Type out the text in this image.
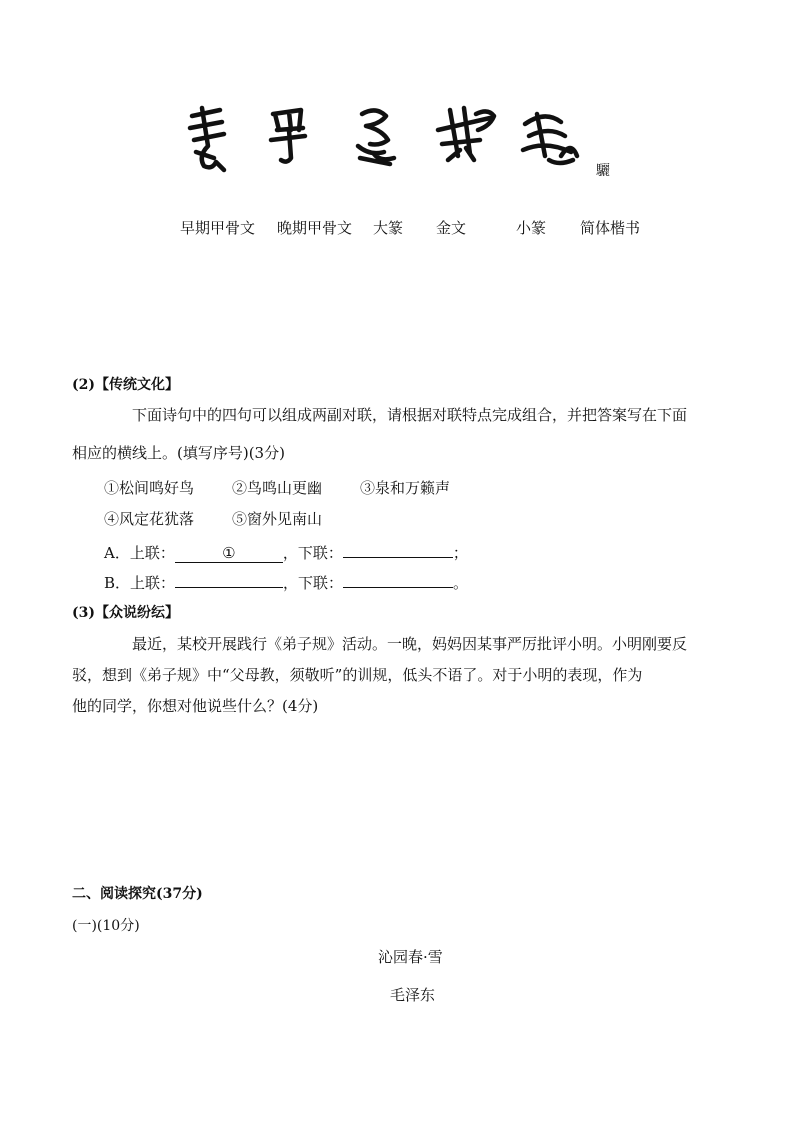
驪
早期甲骨文 晚期甲骨文 大篆 金文	小篆 简体楷书
(2)【传统文化】
下面诗句中的四句可以组成两副对联，请根据对联特点完成组合，并把答案写在下面
相应的横线上。(填写序号)(3分)
①松间鸣好鸟	②鸟鸣山更幽	③泉和万籁声
④风定花犹落	⑤窗外见南山
A．上联：	①	，下联：	；
B．上联：	，下联：	。
(3)【众说纷纭】
最近，某校开展践行《弟子规》活动。一晚，妈妈因某事严厉批评小明。小明刚要反
驳，想到《弟子规》中“父母教，须敬听”的训规，低头不语了。对于小明的表现，作为
他的同学，你想对他说些什么？(4分)
二、阅读探究(37分)
(一)(10分)
沁园春·雪
毛泽东
